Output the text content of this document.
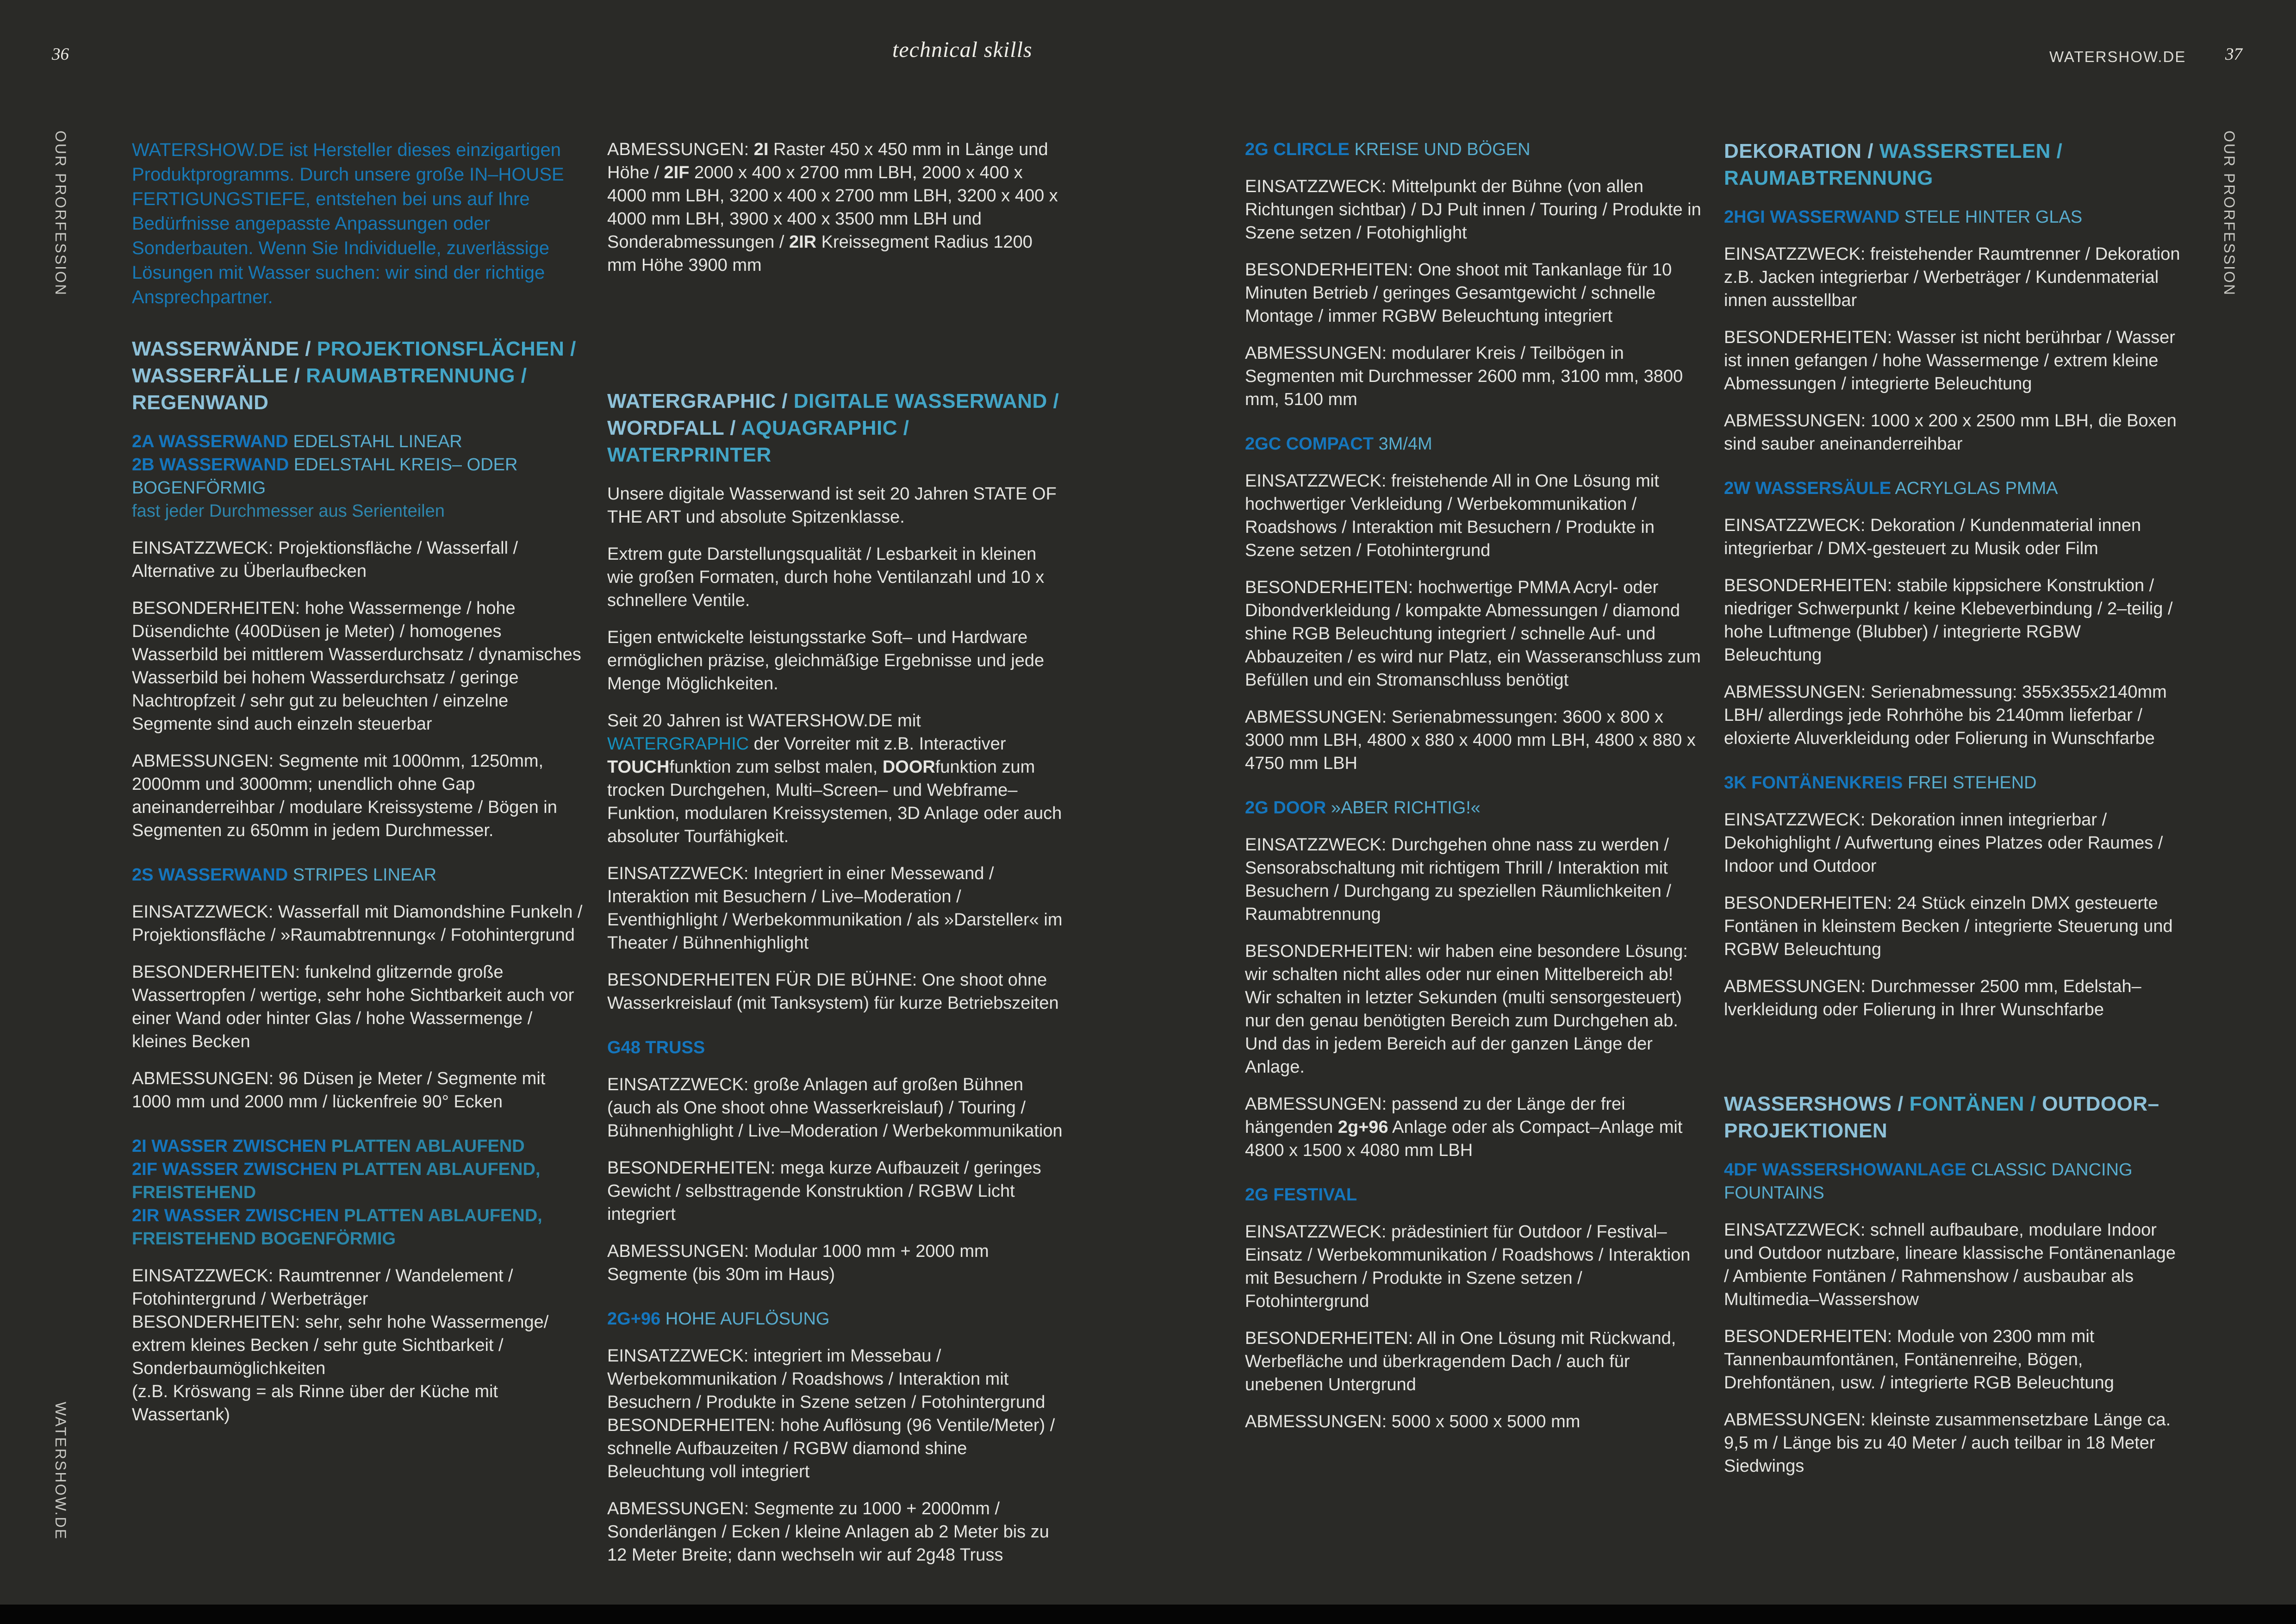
36	technical skills	WATERSHOW.DE 37
OUR PRORFESSION
WATERSHOW.DE
OUR PRORFESSION
WATERSHOW.DE ist Hersteller dieses einzigartigen Produktprogramms. Durch unsere große IN–HOUSE FERTIGUNGSTIEFE, entstehen bei uns auf Ihre Bedürfnisse angepasste Anpassungen oder Sonderbauten. Wenn Sie Individuelle, zuverlässige Lösungen mit Wasser suchen: wir sind der richtige Ansprechpartner.
WASSERWÄNDE / PROJEKTIONSFLÄCHEN / WASSERFÄLLE / RAUMABTRENNUNG / REGENWAND
2A WASSERWAND EDELSTAHL LINEAR
2B WASSERWAND EDELSTAHL KREIS– ODER BOGENFÖRMIG
fast jeder Durchmesser aus Serienteilen
EINSATZZWECK: Projektionsfläche / Wasserfall / Alternative zu Überlaufbecken
BESONDERHEITEN: hohe Wassermenge / hohe Düsendichte (400Düsen je Meter) / homogenes Wasserbild bei mittlerem Wasserdurchsatz / dynamisches Wasserbild bei hohem Wasserdurchsatz / geringe Nachtropfzeit / sehr gut zu beleuchten / einzelne Segmente sind auch einzeln steuerbar
ABMESSUNGEN: Segmente mit 1000mm, 1250mm, 2000mm und 3000mm; unendlich ohne Gap aneinanderreihbar / modulare Kreissysteme / Bögen in Segmenten zu 650mm in jedem Durchmesser.
2S WASSERWAND STRIPES LINEAR
EINSATZZWECK: Wasserfall mit Diamondshine Funkeln / Projektionsfläche / »Raumabtrennung« / Fotohintergrund
BESONDERHEITEN: funkelnd glitzernde große Wassertropfen / wertige, sehr hohe Sichtbarkeit auch vor einer Wand oder hinter Glas / hohe Wassermenge / kleines Becken
ABMESSUNGEN: 96 Düsen je Meter / Segmente mit 1000 mm und 2000 mm / lückenfreie 90° Ecken
2I WASSER ZWISCHEN PLATTEN ABLAUFEND
2IF WASSER ZWISCHEN PLATTEN ABLAUFEND,
FREISTEHEND
2IR WASSER ZWISCHEN PLATTEN ABLAUFEND,
FREISTEHEND BOGENFÖRMIG
EINSATZZWECK: Raumtrenner / Wandelement / Fotohintergrund / Werbeträger
BESONDERHEITEN: sehr, sehr hohe Wassermenge/ extrem kleines Becken / sehr gute Sichtbarkeit / Sonderbaumöglichkeiten
(z.B. Kröswang = als Rinne über der Küche mit Wassertank)
ABMESSUNGEN: 2I Raster 450 x 450 mm in Länge und Höhe / 2IF 2000 x 400 x 2700 mm LBH, 2000 x 400 x 4000 mm LBH, 3200 x 400 x 2700 mm LBH, 3200 x 400 x 4000 mm LBH, 3900 x 400 x 3500 mm LBH und Sonderabmessungen / 2IR Kreissegment Radius 1200 mm Höhe 3900 mm
WATERGRAPHIC / DIGITALE WASSERWAND / WORDFALL / AQUAGRAPHIC / WATERPRINTER
Unsere digitale Wasserwand ist seit 20 Jahren STATE OF THE ART und absolute Spitzenklasse.
Extrem gute Darstellungsqualität / Lesbarkeit in kleinen wie großen Formaten, durch hohe Ventilanzahl und 10 x schnellere Ventile.
Eigen entwickelte leistungsstarke Soft– und Hardware ermöglichen präzise, gleichmäßige Ergebnisse und jede Menge Möglichkeiten.
Seit 20 Jahren ist WATERSHOW.DE mit WATERGRAPHIC der Vorreiter mit z.B. Interactiver TOUCHfunktion zum selbst malen, DOORfunktion zum trocken Durchgehen, Multi–Screen– und Webframe–Funktion, modularen Kreissystemen, 3D Anlage oder auch absoluter Tourfähigkeit.
EINSATZZWECK: Integriert in einer Messewand / Interaktion mit Besuchern / Live–Moderation / Eventhighlight / Werbekommunikation / als »Darsteller« im Theater / Bühnenhighlight
BESONDERHEITEN FÜR DIE BÜHNE: One shoot ohne Wasserkreislauf (mit Tanksystem) für kurze Betriebszeiten
G48 TRUSS
EINSATZZWECK: große Anlagen auf großen Bühnen (auch als One shoot ohne Wasserkreislauf) / Touring / Bühnenhighlight / Live–Moderation / Werbekommunikation
BESONDERHEITEN: mega kurze Aufbauzeit / geringes Gewicht / selbsttragende Konstruktion / RGBW Licht integriert
ABMESSUNGEN: Modular 1000 mm + 2000 mm Segmente (bis 30m im Haus)
2G+96 HOHE AUFLÖSUNG
EINSATZZWECK: integriert im Messebau / Werbekommunikation / Roadshows / Interaktion mit Besuchern / Produkte in Szene setzen / Fotohintergrund
BESONDERHEITEN: hohe Auflösung (96 Ventile/Meter) / schnelle Aufbauzeiten / RGBW diamond shine Beleuchtung voll integriert
ABMESSUNGEN: Segmente zu 1000 + 2000mm / Sonderlängen / Ecken / kleine Anlagen ab 2 Meter bis zu 12 Meter Breite; dann wechseln wir auf 2g48 Truss
2G CLIRCLE KREISE UND BÖGEN
EINSATZZWECK: Mittelpunkt der Bühne (von allen Richtungen sichtbar) / DJ Pult innen / Touring / Produkte in Szene setzen / Fotohighlight
BESONDERHEITEN: One shoot mit Tankanlage für 10 Minuten Betrieb / geringes Gesamtgewicht / schnelle Montage / immer RGBW Beleuchtung integriert
ABMESSUNGEN: modularer Kreis / Teilbögen in Segmenten mit Durchmesser 2600 mm, 3100 mm, 3800 mm, 5100 mm
2GC COMPACT 3M/4M
EINSATZZWECK: freistehende All in One Lösung mit hochwertiger Verkleidung / Werbekommunikation / Roadshows / Interaktion mit Besuchern / Produkte in Szene setzen / Fotohintergrund
BESONDERHEITEN: hochwertige PMMA Acryl- oder Dibondverkleidung / kompakte Abmessungen / diamond shine RGB Beleuchtung integriert / schnelle Auf- und Abbauzeiten / es wird nur Platz, ein Wasseranschluss zum Befüllen und ein Stromanschluss benötigt
ABMESSUNGEN: Serienabmessungen: 3600 x 800 x 3000 mm LBH, 4800 x 880 x 4000 mm LBH, 4800 x 880 x 4750 mm LBH
2G DOOR »ABER RICHTIG!«
EINSATZZWECK: Durchgehen ohne nass zu werden / Sensorabschaltung mit richtigem Thrill / Interaktion mit Besuchern / Durchgang zu speziellen Räumlichkeiten / Raumabtrennung
BESONDERHEITEN: wir haben eine besondere Lösung: wir schalten nicht alles oder nur einen Mittelbereich ab! Wir schalten in letzter Sekunden (multi sensorgesteuert) nur den genau benötigten Bereich zum Durchgehen ab. Und das in jedem Bereich auf der ganzen Länge der Anlage.
ABMESSUNGEN: passend zu der Länge der frei hängenden 2g+96 Anlage oder als Compact–Anlage mit 4800 x 1500 x 4080 mm LBH
2G FESTIVAL
EINSATZZWECK: prädestiniert für Outdoor / Festival–Einsatz / Werbekommunikation / Roadshows / Interaktion mit Besuchern / Produkte in Szene setzen / Fotohintergrund
BESONDERHEITEN: All in One Lösung mit Rückwand, Werbefläche und überkragendem Dach / auch für unebenen Untergrund
ABMESSUNGEN: 5000 x 5000 x 5000 mm
DEKORATION / WASSERSTELEN / RAUMABTRENNUNG
2HGI WASSERWAND STELE HINTER GLAS
EINSATZZWECK: freistehender Raumtrenner / Dekoration z.B. Jacken integrierbar / Werbeträger / Kundenmaterial innen ausstellbar
BESONDERHEITEN: Wasser ist nicht berührbar / Wasser ist innen gefangen / hohe Wassermenge / extrem kleine Abmessungen / integrierte Beleuchtung
ABMESSUNGEN: 1000 x 200 x 2500 mm LBH, die Boxen sind sauber aneinanderreihbar
2W WASSERSÄULE ACRYLGLAS PMMA
EINSATZZWECK: Dekoration / Kundenmaterial innen integrierbar / DMX-gesteuert zu Musik oder Film
BESONDERHEITEN: stabile kippsichere Konstruktion / niedriger Schwerpunkt / keine Klebeverbindung / 2–teilig / hohe Luftmenge (Blubber) / integrierte RGBW Beleuchtung
ABMESSUNGEN: Serienabmessung: 355x355x2140mm LBH/ allerdings jede Rohrhöhe bis 2140mm lieferbar / eloxierte Aluverkleidung oder Folierung in Wunschfarbe
3K FONTÄNENKREIS FREI STEHEND
EINSATZZWECK: Dekoration innen integrierbar / Dekohighlight / Aufwertung eines Platzes oder Raumes / Indoor und Outdoor
BESONDERHEITEN: 24 Stück einzeln DMX gesteuerte Fontänen in kleinstem Becken / integrierte Steuerung und RGBW Beleuchtung
ABMESSUNGEN: Durchmesser 2500 mm, Edelstah–lverkleidung oder Folierung in Ihrer Wunschfarbe
WASSERSHOWS / FONTÄNEN / OUTDOOR–PROJEKTIONEN
4DF WASSERSHOWANLAGE CLASSIC DANCING FOUNTAINS
EINSATZZWECK: schnell aufbaubare, modulare Indoor und Outdoor nutzbare, lineare klassische Fontänenanlage / Ambiente Fontänen / Rahmenshow / ausbaubar als Multimedia–Wassershow
BESONDERHEITEN: Module von 2300 mm mit Tannenbaumfontänen, Fontänenreihe, Bögen, Drehfontänen, usw. / integrierte RGB Beleuchtung
ABMESSUNGEN: kleinste zusammensetzbare Länge ca. 9,5 m / Länge bis zu 40 Meter / auch teilbar in 18 Meter Siedwings
